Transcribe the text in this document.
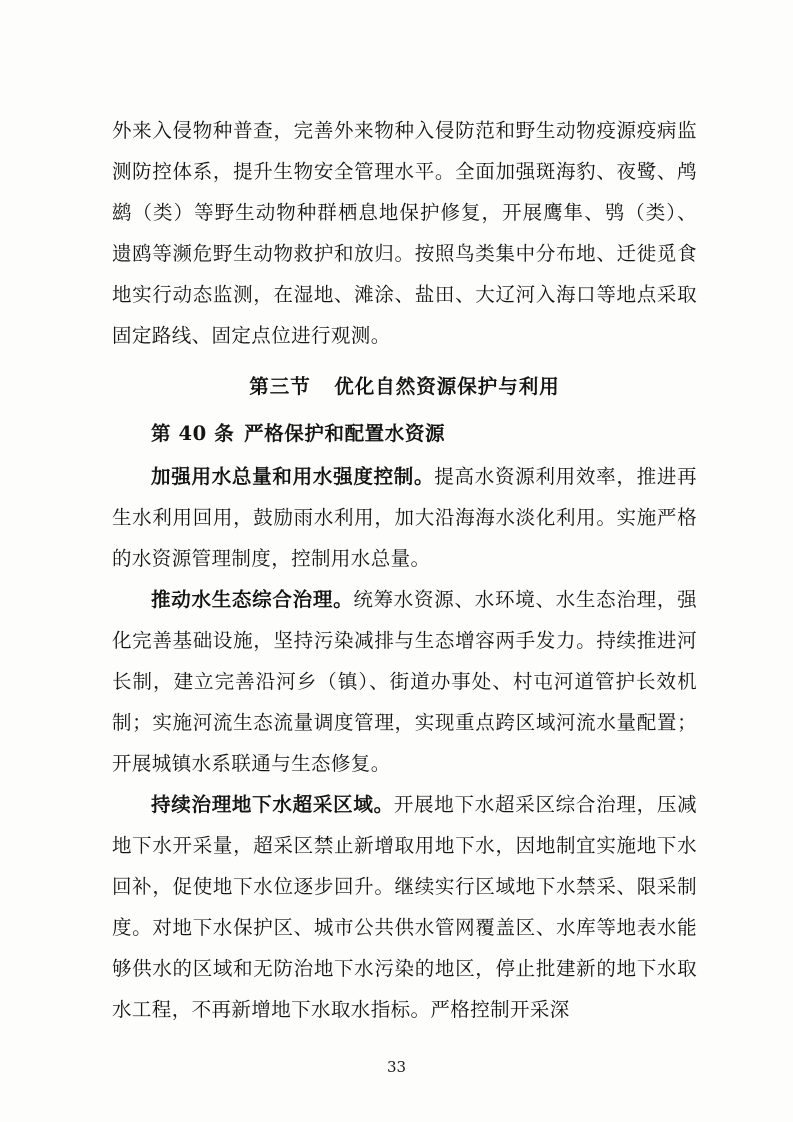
外来入侵物种普查，完善外来物种入侵防范和野生动物疫源疫病监测防控体系，提升生物安全管理水平。全面加强斑海豹、夜鹭、鸬鹚（类）等野生动物种群栖息地保护修复，开展鹰隼、鸮（类）、遗鸥等濒危野生动物救护和放归。按照鸟类集中分布地、迁徙觅食地实行动态监测，在湿地、滩涂、盐田、大辽河入海口等地点采取固定路线、固定点位进行观测。

第三节 优化自然资源保护与利用

第 40 条 严格保护和配置水资源

加强用水总量和用水强度控制。提高水资源利用效率，推进再生水利用回用，鼓励雨水利用，加大沿海海水淡化利用。实施严格的水资源管理制度，控制用水总量。

推动水生态综合治理。统筹水资源、水环境、水生态治理，强化完善基础设施，坚持污染减排与生态增容两手发力。持续推进河长制，建立完善沿河乡（镇）、街道办事处、村屯河道管护长效机制；实施河流生态流量调度管理，实现重点跨区域河流水量配置；开展城镇水系联通与生态修复。

持续治理地下水超采区域。开展地下水超采区综合治理，压减地下水开采量，超采区禁止新增取用地下水，因地制宜实施地下水回补，促使地下水位逐步回升。继续实行区域地下水禁采、限采制度。对地下水保护区、城市公共供水管网覆盖区、水库等地表水能够供水的区域和无防治地下水污染的地区，停止批建新的地下水取水工程，不再新增地下水取水指标。严格控制开采深

33
